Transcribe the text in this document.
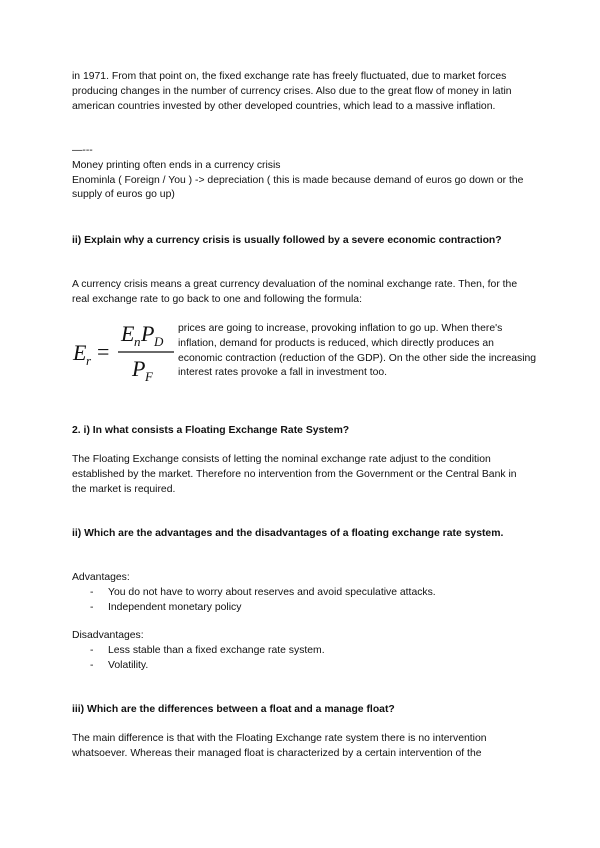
in 1971. From that point on, the fixed exchange rate has freely fluctuated, due to market forces producing changes in the number of currency crises. Also due to the great flow of money in latin american countries invested by other developed countries, which lead to a massive inflation.

—---

Money printing often ends in a currency crisis

Enominla ( Foreign / You ) -> depreciation ( this is made because demand of euros go down or the supply of euros go up)

ii) Explain why a currency crisis is usually followed by a severe economic contraction?

A currency crisis means a great currency devaluation of the nominal exchange rate. Then, for the real exchange rate to go back to one and following the formula:

E r
E n P D
P F
=

prices are going to increase, provoking inflation to go up. When there's inflation, demand for products is reduced, which directly produces an economic contraction (reduction of the GDP). On the other side the increasing interest rates provoke a fall in investment too.

2. i) In what consists a Floating Exchange Rate System?

The Floating Exchange consists of letting the nominal exchange rate adjust to the condition established by the market. Therefore no intervention from the Government or the Central Bank in the market is required.

ii) Which are the advantages and the disadvantages of a floating exchange rate system.

Advantages:

- You do not have to worry about reserves and avoid speculative attacks.
- Independent monetary policy

Disadvantages:

- Less stable than a fixed exchange rate system.
- Volatility.
iii) Which are the differences between a float and a manage float?

The main difference is that with the Floating Exchange rate system there is no intervention whatsoever. Whereas their managed float is characterized by a certain intervention of the
